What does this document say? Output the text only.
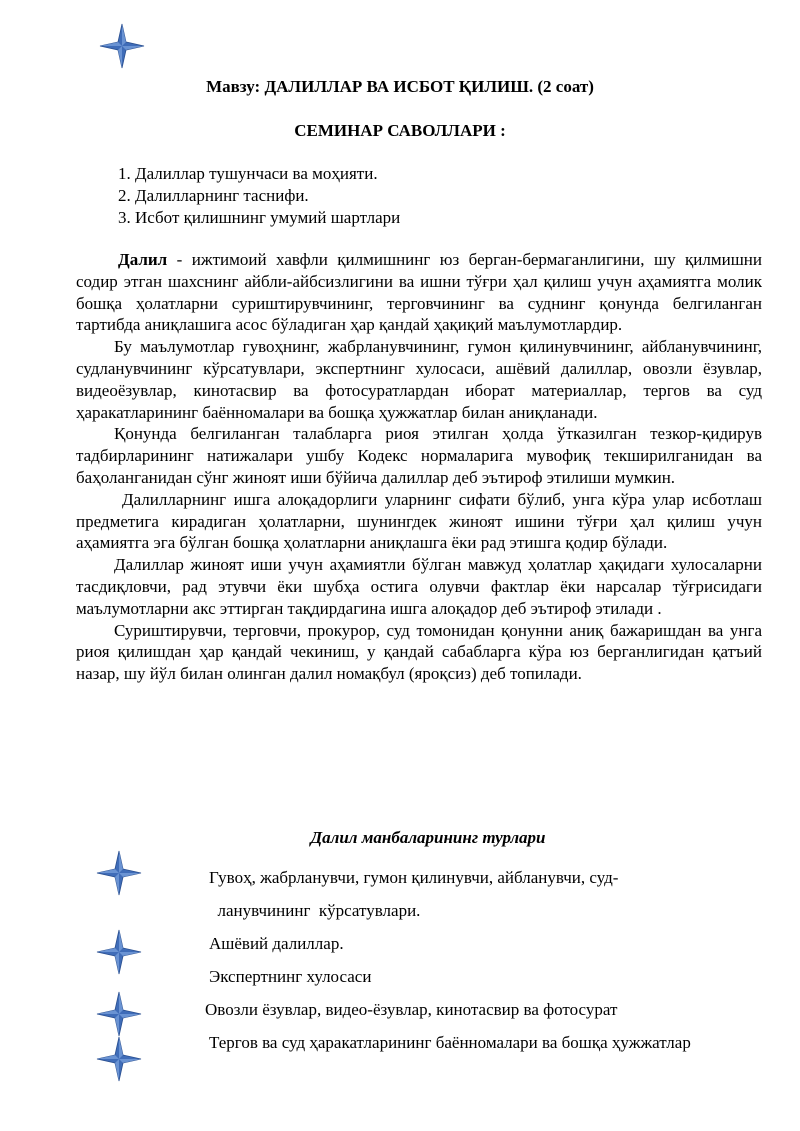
Мавзу: ДАЛИЛЛАР ВА ИСБОТ ҚИЛИШ. (2 соат)
СЕМИНАР САВОЛЛАРИ :
1. Далиллар тушунчаси ва моҳияти.
2. Далилларнинг таснифи.
3. Исбот қилишнинг умумий шартлари

Далил - ижтимоий хавфли қилмишнинг юз берган-бермаганлигини, шу қилмишни содир этган шахснинг айбли-айбсизлигини ва ишни тўғри ҳал қилиш учун аҳамиятга молик бошқа ҳолатларни суриштирувчининг, терговчининг ва суднинг қонунда белгиланган тартибда аниқлашига асос бўладиган ҳар қандай ҳақиқий маълумотлардир.

Бу маълумотлар гувоҳнинг, жабрланувчининг, гумон қилинувчининг, айбланувчининг, судланувчининг кўрсатувлари, экспертнинг хулосаси, ашёвий далиллар, овозли ёзувлар, видеоёзувлар, кинотасвир ва фотосуратлардан иборат материаллар, тергов ва суд ҳаракатларининг баённомалари ва бошқа ҳужжатлар билан аниқланади.

Қонунда белгиланган талабларга риоя этилган ҳолда ўтказилган тезкор-қидирув тадбирларининг натижалари ушбу Кодекс нормаларига мувофиқ текширилганидан ва баҳоланганидан сўнг жиноят иши бўйича далиллар деб эътироф этилиши мумкин.

Далилларнинг ишга алоқадорлиги уларнинг сифати бўлиб, унга кўра улар исботлаш предметига кирадиган ҳолатларни, шунингдек жиноят ишини тўғри ҳал қилиш учун аҳамиятга эга бўлган бошқа ҳолатларни аниқлашга ёки рад этишга қодир бўлади.

Далиллар жиноят иши учун аҳамиятли бўлган мавжуд ҳолатлар ҳақидаги хулосаларни тасдиқловчи, рад этувчи ёки шубҳа остига олувчи фактлар ёки нарсалар тўғрисидаги маълумотларни акс эттирган тақдирдагина ишга алоқадор деб эътироф этилади .

Суриштирувчи, терговчи, прокурор, суд томонидан қонунни аниқ бажаришдан ва унга риоя қилишдан ҳар қандай чекиниш, у қандай сабабларга кўра юз берганлигидан қатъий назар, шу йўл билан олинган далил номақбул (яроқсиз) деб топилади.

Далил манбаларининг турлари
Гувоҳ, жабрланувчи, гумон қилинувчи, айбланувчи, суд-
ланувчининг  кўрсатувлари.
Ашёвий далиллар.
Экспертнинг хулосаси
Овозли ёзувлар, видео-ёзувлар, кинотасвир ва фотосурат
Тергов ва суд ҳаракатларининг баённомалари ва бошқа ҳужжатлар
